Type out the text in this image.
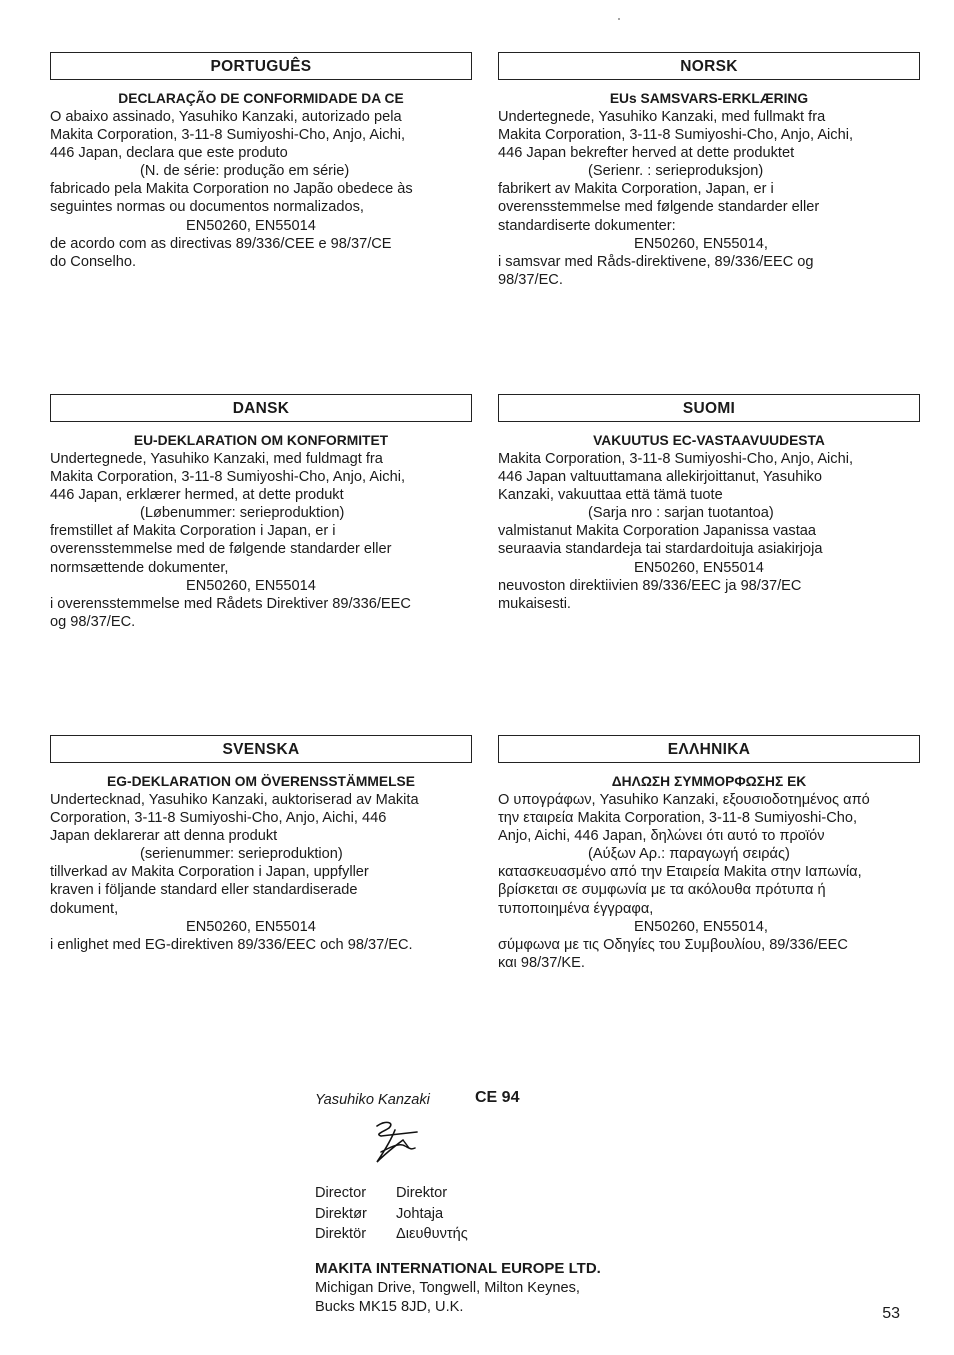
PORTUGUÊS
DECLARAÇÃO DE CONFORMIDADE DA CE
O abaixo assinado, Yasuhiko Kanzaki, autorizado pela
Makita Corporation, 3-11-8 Sumiyoshi-Cho, Anjo, Aichi,
446 Japan, declara que este produto
(N. de série: produção em série)
fabricado pela Makita Corporation no Japão obedece às
seguintes normas ou documentos normalizados,
EN50260, EN55014
de acordo com as directivas 89/336/CEE e 98/37/CE
do Conselho.
NORSK
EUs SAMSVARS-ERKLÆRING
Undertegnede, Yasuhiko Kanzaki, med fullmakt fra
Makita Corporation, 3-11-8 Sumiyoshi-Cho, Anjo, Aichi,
446 Japan bekrefter herved at dette produktet
(Serienr. : serieproduksjon)
fabrikert av Makita Corporation, Japan, er i
overensstemmelse med følgende standarder eller
standardiserte dokumenter:
EN50260, EN55014,
i samsvar med Råds-direktivene, 89/336/EEC og
98/37/EC.
DANSK
EU-DEKLARATION OM KONFORMITET
Undertegnede, Yasuhiko Kanzaki, med fuldmagt fra
Makita Corporation, 3-11-8 Sumiyoshi-Cho, Anjo, Aichi,
446 Japan, erklærer hermed, at dette produkt
(Løbenummer: serieproduktion)
fremstillet af Makita Corporation i Japan, er i
overensstemmelse med de følgende standarder eller
normsættende dokumenter,
EN50260, EN55014
i overensstemmelse med Rådets Direktiver 89/336/EEC
og 98/37/EC.
SUOMI
VAKUUTUS EC-VASTAAVUUDESTA
Makita Corporation, 3-11-8 Sumiyoshi-Cho, Anjo, Aichi,
446 Japan valtuuttamana allekirjoittanut, Yasuhiko
Kanzaki, vakuuttaa että tämä tuote
(Sarja nro : sarjan tuotantoa)
valmistanut Makita Corporation Japanissa vastaa
seuraavia standardeja tai stardardoituja asiakirjoja
EN50260, EN55014
neuvoston direktiivien 89/336/EEC ja 98/37/EC
mukaisesti.
SVENSKA
EG-DEKLARATION OM ÖVERENSSTÄMMELSE
Undertecknad, Yasuhiko Kanzaki, auktoriserad av Makita
Corporation, 3-11-8 Sumiyoshi-Cho, Anjo, Aichi, 446
Japan deklarerar att denna produkt
(serienummer: serieproduktion)
tillverkad av Makita Corporation i Japan, uppfyller
kraven i följande standard eller standardiserade
dokument,
EN50260, EN55014
i enlighet med EG-direktiven 89/336/EEC och 98/37/EC.
ΕΛΛΗΝΙΚΑ
ΔΗΛΩΣΗ ΣΥΜΜΟΡΦΩΣΗΣ ΕΚ
Ο υπογράφων, Yasuhiko Kanzaki, εξουσιοδοτημένος από
την εταιρεία Makita Corporation, 3-11-8 Sumiyoshi-Cho,
Anjo, Aichi, 446 Japan, δηλώνει ότι αυτό το προϊόν
(Αύξων Αρ.: παραγωγή σειράς)
κατασκευασμένο από την Εταιρεία Makita στην Ιαπωνία,
βρίσκεται σε συμφωνία με τα ακόλουθα πρότυπα ή
τυποποιημένα έγγραφα,
EN50260, EN55014,
σύμφωνα με τις Οδηγίες του Συμβουλίου, 89/336/EEC
και 98/37/ΚΕ.
Yasuhiko Kanzaki	CE 94
Director Direktor
Direktør Johtaja
Direktör Διευθυντής
MAKITA INTERNATIONAL EUROPE LTD.
Michigan Drive, Tongwell, Milton Keynes,
Bucks MK15 8JD, U.K.	53
